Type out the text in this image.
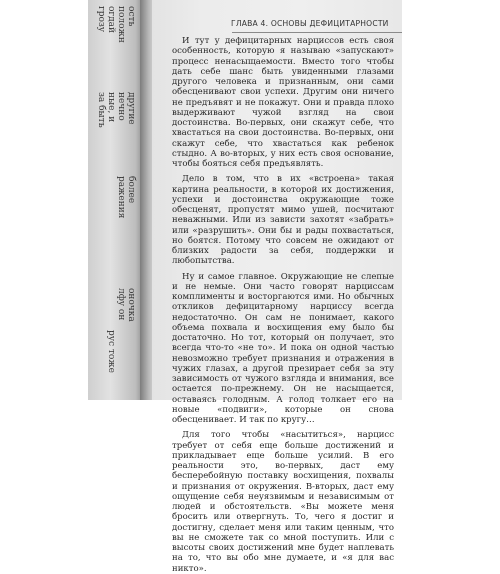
ость
положн
огдай
грозу
другие
нечно
ные, и
за быть
более
ражения
оночка
лфу он
рус тоже
ГЛАВА 4. ОСНОВЫ ДЕФИЦИТАРНОСТИ

И тут у дефицитарных нарциссов есть своя особенность, которую я называю «запускают» процесс ненасыщаемости. Вместо того чтобы дать себе шанс быть увиденными глазами другого человека и признанным, они сами обесценивают свои успехи. Другим они ничего не предъявят и не покажут. Они и правда плохо выдерживают чужой взгляд на свои достоинства. Во-первых, они скажут себе, что хвастаться на свои достоинства. Во-первых, они скажут себе, что хвастаться как ребенок стыдно. А во-вторых, у них есть своя основание, чтобы бояться себя предъявлять.

Дело в том, что в их «встроена» такая картина реальности, в которой их достижения, успехи и достоинства окружающие тоже обесценят, пропустят мимо ушей, посчитают неважными. Или из зависти захотят «забрать» или «разрушить». Они бы и рады похвастаться, но боятся. Потому что совсем не ожидают от близких радости за себя, поддержки и любопытства.

Ну и самое главное. Окружающие не слепые и не немые. Они часто говорят нарциссам комплименты и восторгаются ими. Но обычных откликов дефицитарному нарциссу всегда недостаточно. Он сам не понимает, какого объема похвала и восхищения ему было бы достаточно. Но тот, который он получает, это всегда что-то «не то». И пока он одной частью невозможно требует признания и отражения в чужих глазах, а другой презирает себя за эту зависимость от чужого взгляда и внимания, все остается по-прежнему. Он не насыщается, оставаясь голодным. А голод толкает его на новые «подвиги», которые он снова обесценивает. И так по кругу…

Для того чтобы «насытиться», нарцисс требует от себя еще больше достижений и прикладывает еще больше усилий. В его реальности это, во-первых, даст ему бесперебойную поставку восхищения, похвалы и признания от окружения. В-вторых, даст ему ощущение себя неуязвимым и независимым от людей и обстоятельств. «Вы можете меня бросить или отвергнуть. То, чего я достиг и достигну, сделает меня или таким ценным, что вы не сможете так со мной поступить. Или с высоты своих достижений мне будет наплевать на то, что вы обо мне думаете, и «я для вас никто».
